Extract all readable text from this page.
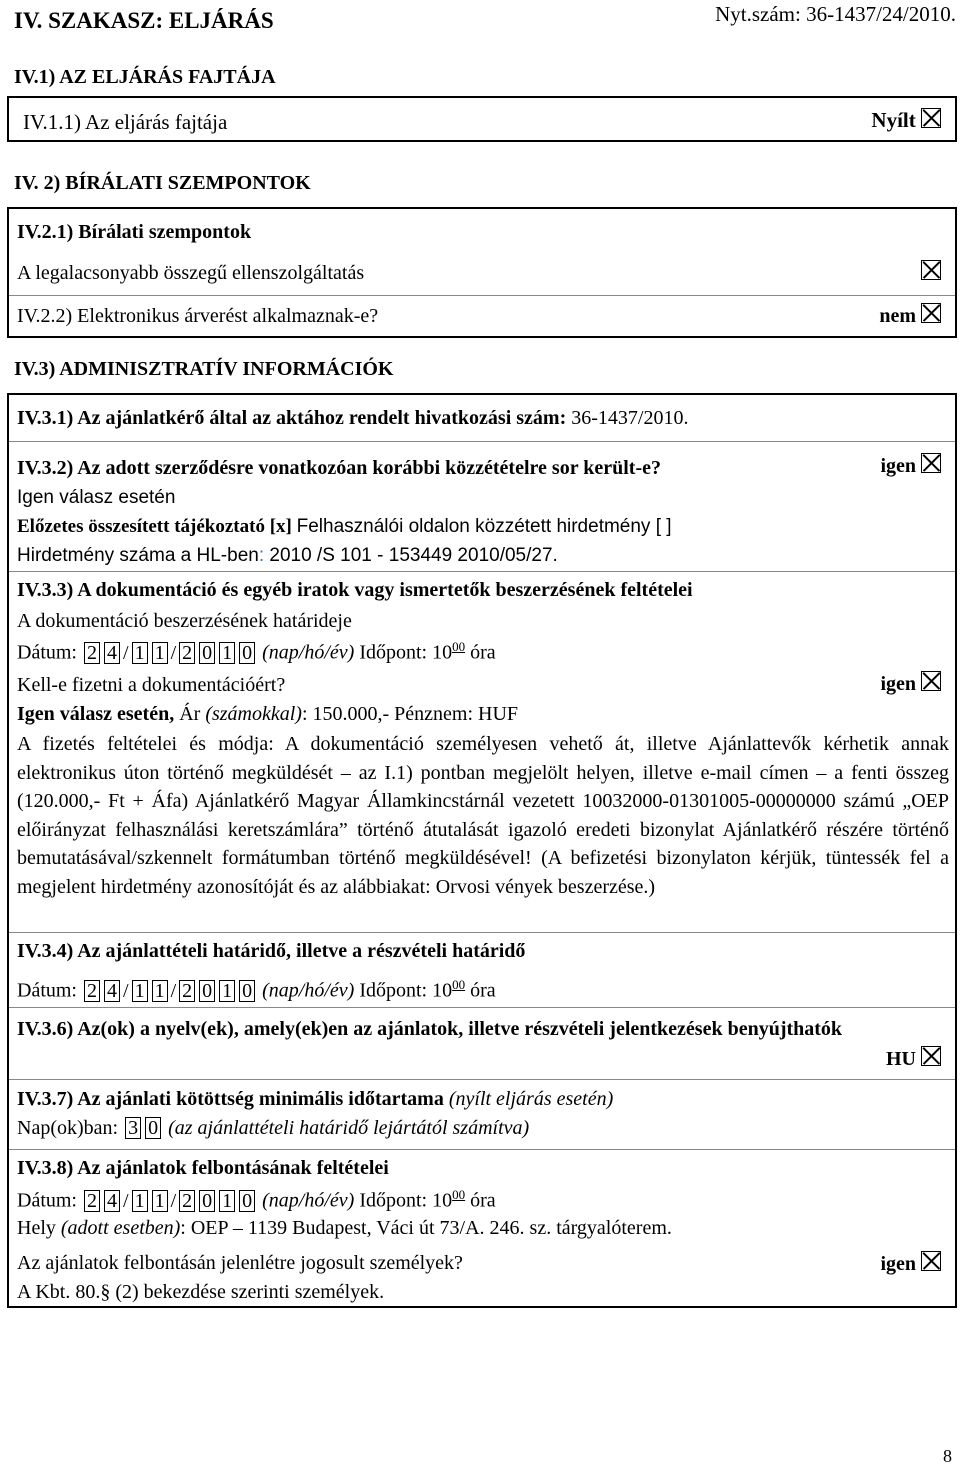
IV. SZAKASZ: ELJÁRÁS	Nyt.szám: 36-1437/24/2010.
IV.1) AZ ELJÁRÁS FAJTÁJA
IV.1.1) Az eljárás fajtája	Nyílt
IV. 2) BÍRÁLATI SZEMPONTOK
IV.2.1) Bírálati szempontok
A legalacsonyabb összegű ellenszolgáltatás
IV.2.2) Elektronikus árverést alkalmaznak-e?	nem
IV.3) ADMINISZTRATÍV INFORMÁCIÓK
IV.3.1) Az ajánlatkérő által az aktához rendelt hivatkozási szám: 36-1437/2010.
IV.3.2) Az adott szerződésre vonatkozóan korábbi közzétételre sor került-e?	igen
Igen válasz esetén
Előzetes összesített tájékoztató [x] Felhasználói oldalon közzétett hirdetmény [ ]
Hirdetmény száma a HL-ben: 2010 /S 101 - 153449 2010/05/27.
IV.3.3) A dokumentáció és egyéb iratok vagy ismertetők beszerzésének feltételei
A dokumentáció beszerzésének határideje
Dátum: 2 4 / 1 1 / 2 0 1 0 (nap/hó/év) Időpont: $10^{00}$ óra
Kell-e fizetni a dokumentációért?	igen
Igen válasz esetén, Ár (számokkal): 150.000,- Pénznem: HUF
A fizetés feltételei és módja: A dokumentáció személyesen vehető át, illetve Ajánlattevők kérhetik annak elektronikus úton történő megküldését – az I.1) pontban megjelölt helyen, illetve e-mail címen – a fenti összeg (120.000,- Ft + Áfa) Ajánlatkérő Magyar Államkincstárnál vezetett 10032000-01301005-00000000 számú „OEP előirányzat felhasználási keretszámlára” történő átutalását igazoló eredeti bizonylat Ajánlatkérő részére történő bemutatásával/szkennelt formátumban történő megküldésével! (A befizetési bizonylaton kérjük, tüntessék fel a megjelent hirdetmény azonosítóját és az alábbiakat: Orvosi vények beszerzése.)
IV.3.4) Az ajánlattételi határidő, illetve a részvételi határidő
Dátum: 2 4 / 1 1 / 2 0 1 0 (nap/hó/év) Időpont: $10^{00}$ óra
IV.3.6) Az(ok) a nyelv(ek), amely(ek)en az ajánlatok, illetve részvételi jelentkezések benyújthatók
HU
IV.3.7) Az ajánlati kötöttség minimális időtartama (nyílt eljárás esetén)
Nap(ok)ban: 3 0 (az ajánlattételi határidő lejártától számítva)
IV.3.8) Az ajánlatok felbontásának feltételei
Dátum: 2 4 / 1 1 / 2 0 1 0 (nap/hó/év) Időpont: $10^{00}$ óra
Hely (adott esetben): OEP – 1139 Budapest, Váci út 73/A. 246. sz. tárgyalóterem.
Az ajánlatok felbontásán jelenlétre jogosult személyek?	igen
A Kbt. 80.§ (2) bekezdése szerinti személyek.
8
